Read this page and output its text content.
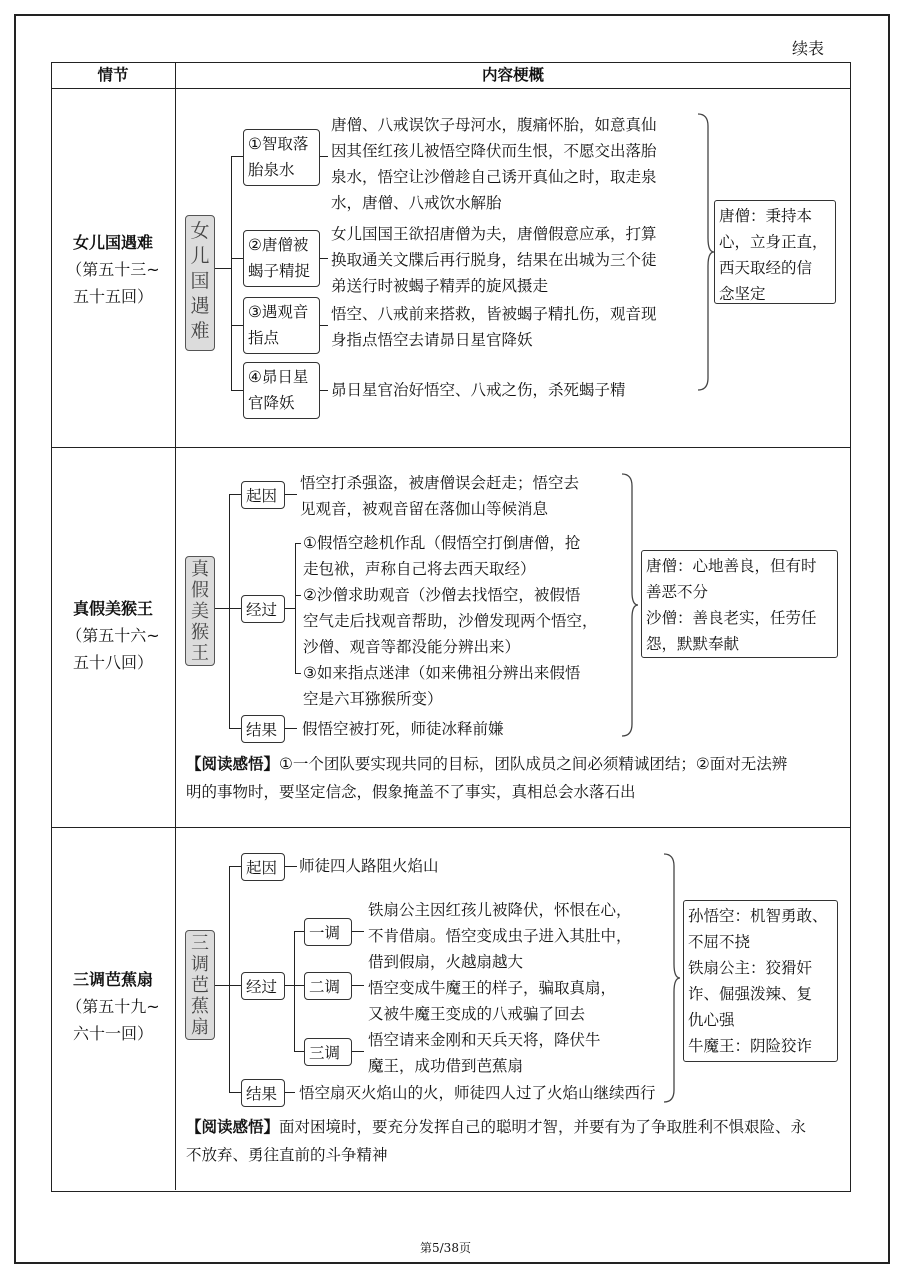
续表
情节	内容梗概
女儿国遇难
（第五十三~
五十五回）
女
儿
国
遇
难
①智取落
胎泉水
②唐僧被
蝎子精捉
③遇观音
指点
④昴日星
官降妖
唐僧、八戒误饮子母河水，腹痛怀胎，如意真仙
因其侄红孩儿被悟空降伏而生恨，不愿交出落胎
泉水，悟空让沙僧趁自己诱开真仙之时，取走泉
水，唐僧、八戒饮水解胎
女儿国国王欲招唐僧为夫，唐僧假意应承，打算
换取通关文牒后再行脱身，结果在出城为三个徒
弟送行时被蝎子精弄的旋风摄走
悟空、八戒前来搭救，皆被蝎子精扎伤，观音现
身指点悟空去请昴日星官降妖
昴日星官治好悟空、八戒之伤，杀死蝎子精
唐僧：秉持本
心，立身正直，
西天取经的信
念坚定
真假美猴王
（第五十六~
五十八回）
真
假
美
猴
王
起因
经过
结果
悟空打杀强盗，被唐僧误会赶走；悟空去
见观音，被观音留在落伽山等候消息
①假悟空趁机作乱（假悟空打倒唐僧，抢
走包袱，声称自己将去西天取经）
②沙僧求助观音（沙僧去找悟空，被假悟
空气走后找观音帮助，沙僧发现两个悟空，
沙僧、观音等都没能分辨出来）
③如来指点迷津（如来佛祖分辨出来假悟
空是六耳猕猴所变）
假悟空被打死，师徒冰释前嫌
唐僧：心地善良，但有时
善恶不分
沙僧：善良老实，任劳任
怨，默默奉献
【阅读感悟】①一个团队要实现共同的目标，团队成员之间必须精诚团结；②面对无法辨
明的事物时，要坚定信念，假象掩盖不了事实，真相总会水落石出
三调芭蕉扇
（第五十九~
六十一回）
三
调
芭
蕉
扇
起因
经过
结果
一调
二调
三调
师徒四人路阻火焰山
铁扇公主因红孩儿被降伏，怀恨在心，
不肯借扇。悟空变成虫子进入其肚中，
借到假扇，火越扇越大
悟空变成牛魔王的样子，骗取真扇，
又被牛魔王变成的八戒骗了回去
悟空请来金刚和天兵天将，降伏牛
魔王，成功借到芭蕉扇
悟空扇灭火焰山的火，师徒四人过了火焰山继续西行
孙悟空：机智勇敢、
不屈不挠
铁扇公主：狡猾奸
诈、倔强泼辣、复
仇心强
牛魔王：阴险狡诈
【阅读感悟】面对困境时，要充分发挥自己的聪明才智，并要有为了争取胜利不惧艰险、永
不放弃、勇往直前的斗争精神
第5/38页
